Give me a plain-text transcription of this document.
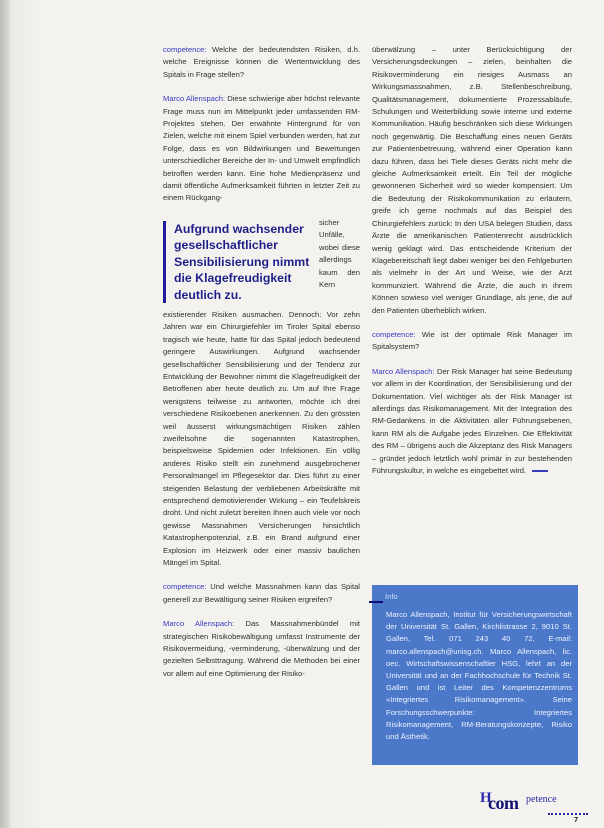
competence: Welche der bedeutendsten Risiken, d.h. welche Ereignisse können die Wertentwicklung des Spitals in Frage stellen?

Marco Allenspach: Diese schwierige aber höchst relevante Frage muss nun im Mittelpunkt jeder umfassenden RM-Projektes stehen. Der erwähnte Hintergrund für von Zielen, welche mit einem Spiel verbunden werden, hat zur Folge, dass es von Bildwirkungen und Bewertungen unterschiedlicher Bereiche der In- und Umwelt empfindlich betroffen werden kann. Eine hohe Medienpräsenz und damit öffentliche Aufmerksamkeit führten in letzter Zeit zu einem Rückgang-

Aufgrund wachsender gesellschaftlicher Sensibilisierung nimmt die Klagefreudigkeit deutlich zu.

sicher Unfälle, wobei diese allerdings kaum den Kern existierender Risiken ausmachen. Dennoch: Vor zehn Jahren war ein Chirurgiefehler im Tiroler Spital ebenso tragisch wie heute, hatte für das Spital jedoch bedeutend geringere Auswirkungen. Aufgrund wachsender gesellschaftlicher Sensibilisierung und der Tendenz zur Entwicklung der Bewohner nimmt die Klagefreudigkeit der Betroffenen aber heute deutlich zu. Um auf Ihre Frage wenigstens teilweise zu antworten, möchte ich drei verschiedene Risikoebenen anerkennen. Zu den grössten weil äusserst wirkungsmächtigen Risiken zählen zweifelsohne die sogenannten Katastrophen, beispielsweise Spidemien oder Infektionen. Ein völlig anderes Risiko stellt ein zunehmend ausgebrochener Personalmangel im Pflegesektor dar. Dies führt zu einer steigenden Belastung der verbliebenen Arbeitskräfte mit entsprechend demotivierender Wirkung – ein Teufelskreis droht. Und nicht zuletzt bereiten Ihnen auch viele vor noch gewisse Massnahmen Versicherungen hinsichtlich Katastrophenpotenzial, z.B. ein Brand aufgrund einer Explosion im Heizwerk oder einer massiv baulichen Mängel im Spital.

competence: Und welche Massnahmen kann das Spital generell zur Bewältigung seiner Risiken ergreifen?

Marco Allenspach: Das Massnahmenbündel mit strategischen Risikobewältigung umfasst Instrumente der Risikovermeidung, -verminderung, -überwälzung und der gezielten Selbsttragung. Während die Methoden bei einer vor allem auf eine Optimierung der Risiko-

überwälzung – unter Berücksichtigung der Versicherungsdeckungen – zielen, beinhalten die Risikoverminderung ein riesiges Ausmass an Wirkungsmassnahmen, z.B. Stellenbeschreibung, Qualitätsmanagement, dokumentierte Prozessabläufe, Schulungen und Weiterbildung sowie interne und externe Kommunikation. Häufig beschränken sich diese Wirkungen noch gegenwärtig. Die Beschaffung eines neuen Geräts zur Patientenbetreuung, während einer Operation kann dazu führen, dass bei Tiefe dieses Geräts nicht mehr die gleiche Aufmerksamkeit erteilt. Ein Teil der mögliche gewonnenen Sicherheit wird so wieder kompensiert. Um die Bedeutung der Risikokommunikation zu erläutern, greife ich gerne nochmals auf das Beispiel des Chirurgiefehlers zurück: In den USA belegen Studien, dass Ärzte die amerikanischen Patientenrecht ausdrücklich wenig geklagt wird. Das entscheidende Kriterium der Klagebereitschaft liegt dabei weniger bei den Fehlgeburten als vielmehr in der Art und Weise, wie der Arzt kommuniziert. Während die Ärzte, die auch in ihrem Können sowieso viel weniger Grundlage, als jene, die auf den Patienten überheblich wirken.

competence: Wie ist der optimale Risk Manager im Spitalsystem?

Marco Allenspach: Der Risk Manager hat seine Bedeutung vor allem in der Koordination, der Sensibilisierung und der Dokumentation. Viel wichtiger als der Risk Manager ist allerdings das Risikomanagement. Mit der Integration des RM-Gedankens in die Aktivitäten aller Führungsebenen, kann RM als die Aufgabe jedes Einzelnen. Die Effektivität des RM – übrigens auch die Akzeptanz des Risk Managers – gründet jedoch letztlich wohl primär in zur bestehenden Führungskultur, in welche es eingebettet wird.

Info
Marco Allenspach, Institut für Versicherungswirtschaft der Universität St. Gallen, Kirchlistrasse 2, 9010 St. Gallen, Tel. 071 243 40 72, E-mail: marco.allenspach@unisg.ch. Marco Allenspach, lic. oec. Wirtschaftswissenschaftler HSG, lehrt an der Universität und an der Fachhochschule für Technik St. Gallen und ist Leiter des Kompetenzzentrums «Integriertes Risikomanagement». Seine Forschungsschwerpunkte: Integriertes Risikomanagement, RM-Beratungskonzepte, Risiko und Ästhetik.
H
com petence
7
